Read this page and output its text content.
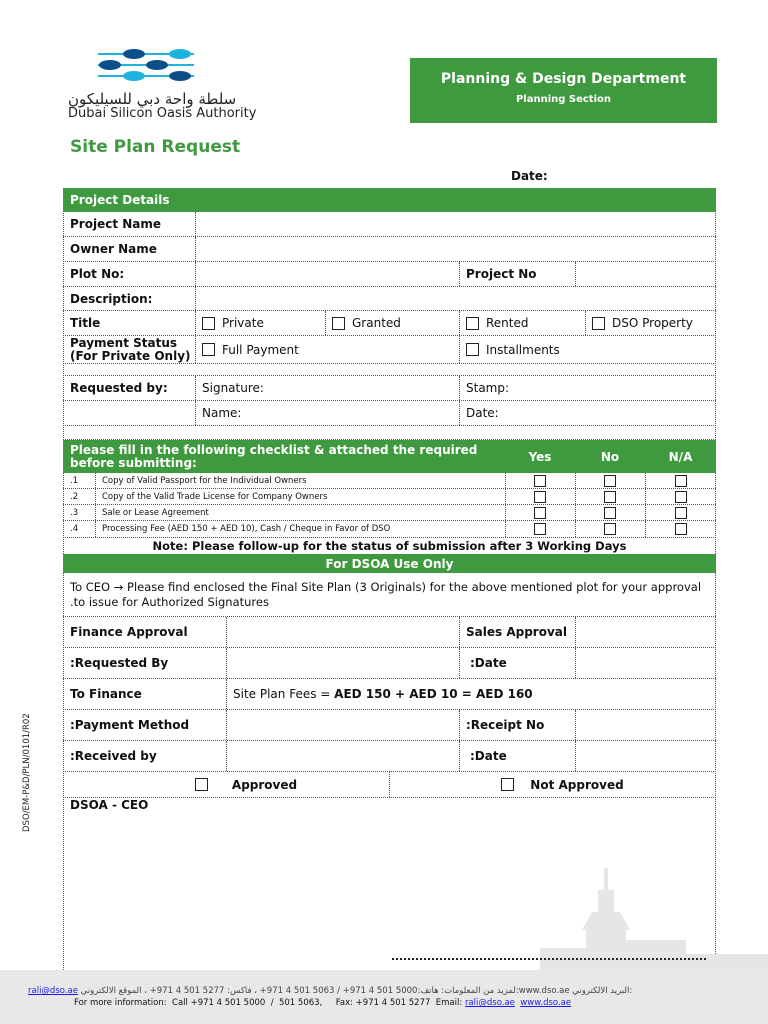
سلطة واحة دبي للسيليكون
Dubai Silicon Oasis Authority
Planning & Design Department
Planning Section
Site Plan Request
Date:
Project Details
Project Name
Owner Name
Plot No:	Project No
Description:
Title	Private	Granted	Rented	DSO Property
Payment Status
(For Private Only)	Full Payment	Installments
Requested by:	Signature:	Stamp:
Name:	Date:
Please fill in the following checklist & attached the required
before submitting:	Yes	No	N/A
.1	Copy of Valid Passport for the Individual Owners
.2	Copy of the Valid Trade License for Company Owners
.3	Sale or Lease Agreement
.4	Processing Fee (AED 150 + AED 10), Cash / Cheque in Favor of DSO
Note: Please follow-up for the status of submission after 3 Working Days
For DSOA Use Only
To CEO → Please find enclosed the Final Site Plan (3 Originals) for the above mentioned plot for your approval
.to issue for Authorized Signatures
Finance Approval	Sales Approval
:Requested By	:Date
To Finance	Site Plan Fees = AED 150 + AED 10 = AED 160
:Payment Method	:Receipt No
:Received by	:Date
Approved	Not Approved
DSOA - CEO
DSO/EM-P&D/PLN/0101/R02
rali@dso.ae لمزيد من المعلومات: هاتف:5000 501 4 971+ / 5063 501 4 971+ ، فاكس: 5277 501 4 971+ ، الموقع الالكتروني:www.dso.ae البريد الالكتروني:
For more information:  Call +971 4 501 5000  /  501 5063,     Fax: +971 4 501 5277  Email: rali@dso.ae www.dso.ae
